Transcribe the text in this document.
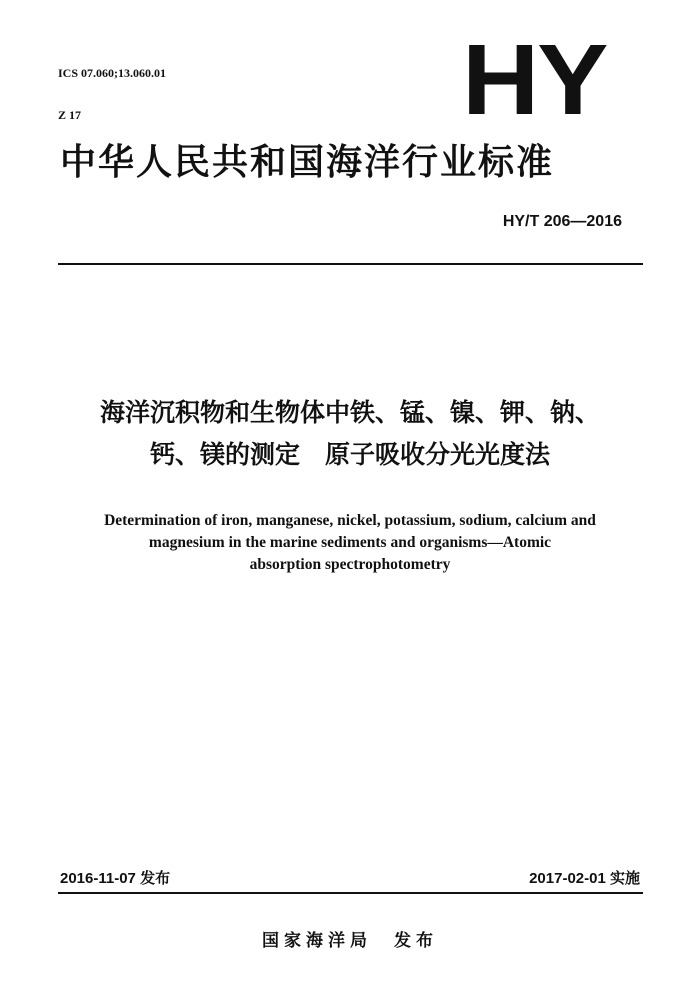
ICS 07.060;13.060.01

Z 17	HY
中华人民共和国海洋行业标准
HY/T 206—2016
海洋沉积物和生物体中铁、锰、镍、钾、钠、
钙、镁的测定　原子吸收分光光度法
Determination of iron, manganese, nickel, potassium, sodium, calcium and
magnesium in the marine sediments and organisms—Atomic
absorption spectrophotometry
2016-11-07 发布	2017-02-01 实施
国家海洋局 发布
